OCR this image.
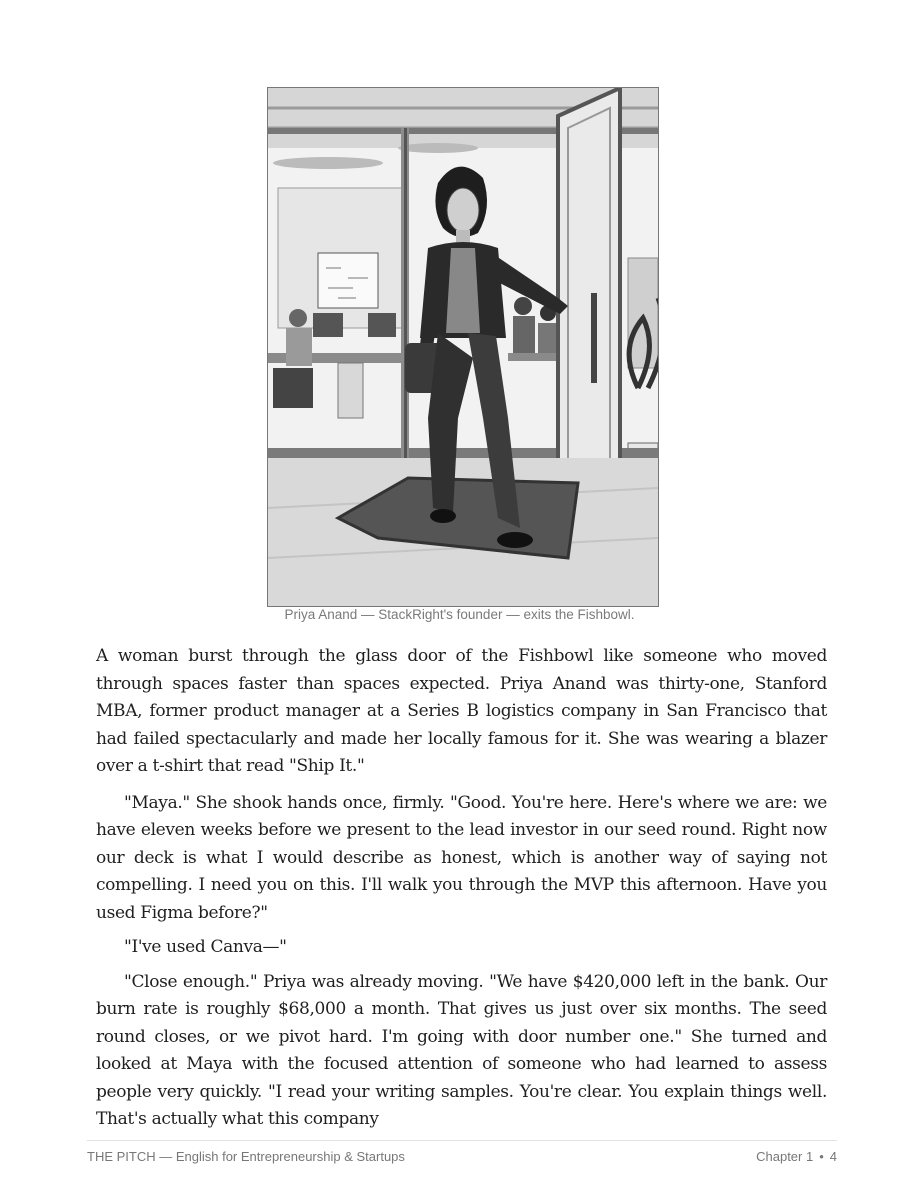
Priya Anand — StackRight's founder — exits the Fishbowl.

A woman burst through the glass door of the Fishbowl like someone who moved through spaces faster than spaces expected. Priya Anand was thirty-one, Stanford MBA, former product manager at a Series B logistics company in San Francisco that had failed spectacularly and made her locally famous for it. She was wearing a blazer over a t-shirt that read "Ship It."

"Maya." She shook hands once, firmly. "Good. You're here. Here's where we are: we have eleven weeks before we present to the lead investor in our seed round. Right now our deck is what I would describe as honest, which is another way of saying not compelling. I need you on this. I'll walk you through the MVP this afternoon. Have you used Figma before?"

"I've used Canva—"

"Close enough." Priya was already moving. "We have $420,000 left in the bank. Our burn rate is roughly $68,000 a month. That gives us just over six months. The seed round closes, or we pivot hard. I'm going with door number one." She turned and looked at Maya with the focused attention of someone who had learned to assess people very quickly. "I read your writing samples. You're clear. You explain things well. That's actually what this company

THE PITCH — English for Entrepreneurship & Startups	Chapter 1 • 4
